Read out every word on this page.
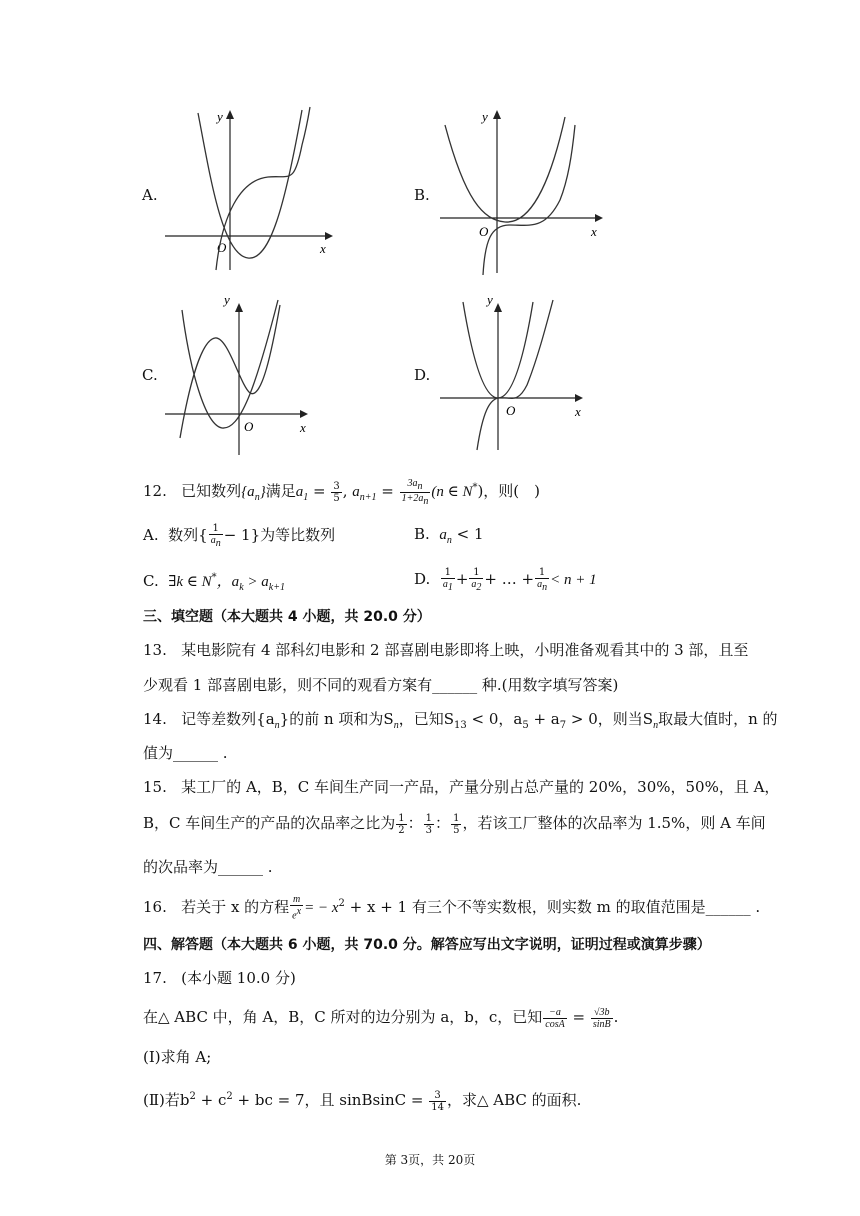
A.	B.
C.	D.
y
x
O
y
x
O
y
x
O
y
x
O
12. 已知数列$\{a_n\}$满足$a_1 = \frac{3}{5}$ , $a_{n+1} = \frac{3a_n}{1+2a_n} (n$ ∈ N*)，则(　)
A. 数列{ $\frac{1}{a_n} - 1$}为等比数列	B. $a_n < 1$
C. ∃k ∈ N*，$a_k > a_{k+1}$	D. $\frac{1}{a_1} + \frac{1}{a_2}$ + … + $\frac{1}{a_n} < n + 1$
三、填空题（本大题共 4 小题，共 20.0 分）
13. 某电影院有 4 部科幻电影和 2 部喜剧电影即将上映，小明准备观看其中的 3 部，且至
少观看 1 部喜剧电影，则不同的观看方案有______ 种.(用数字填写答案)
14. 记等差数列$\{a_n\}$的前 n 项和为$S_n$，已知$S_{13} < 0$，$a_5 + a_7 > 0$，则当$S_n$取最大值时，n 的
值为______ .
15. 某工厂的 A，B，C 车间生产同一产品，产量分别占总产量的 20%，30%，50%，且 A，
B，C 车间生产的产品的次品率之比为 $\frac{1}{2}$ ： $\frac{1}{3}$ ： $\frac{1}{5}$ ，若该工厂整体的次品率为 1.5%，则 A 车间
的次品率为______ .
16. 若关于 x 的方程 $\frac{m}{e^x}$ = − $x^2 + x + 1$ 有三个不等实数根，则实数 m 的取值范围是______ .
四、解答题（本大题共 6 小题，共 70.0 分。解答应写出文字说明，证明过程或演算步骤）
17. (本小题 10.0 分)
在△ ABC 中，角 A，B，C 所对的边分别为 a，b，c，已知 $\frac{-a}{\cos A} = \frac{√3b}{\sin B}$ .
(Ⅰ)求角 A;
(Ⅱ)若$b^2 + c^2$ + bc = 7，且 sinBsinC = $\frac{3}{14}$ ，求△ ABC 的面积.
第 3页，共 20页
